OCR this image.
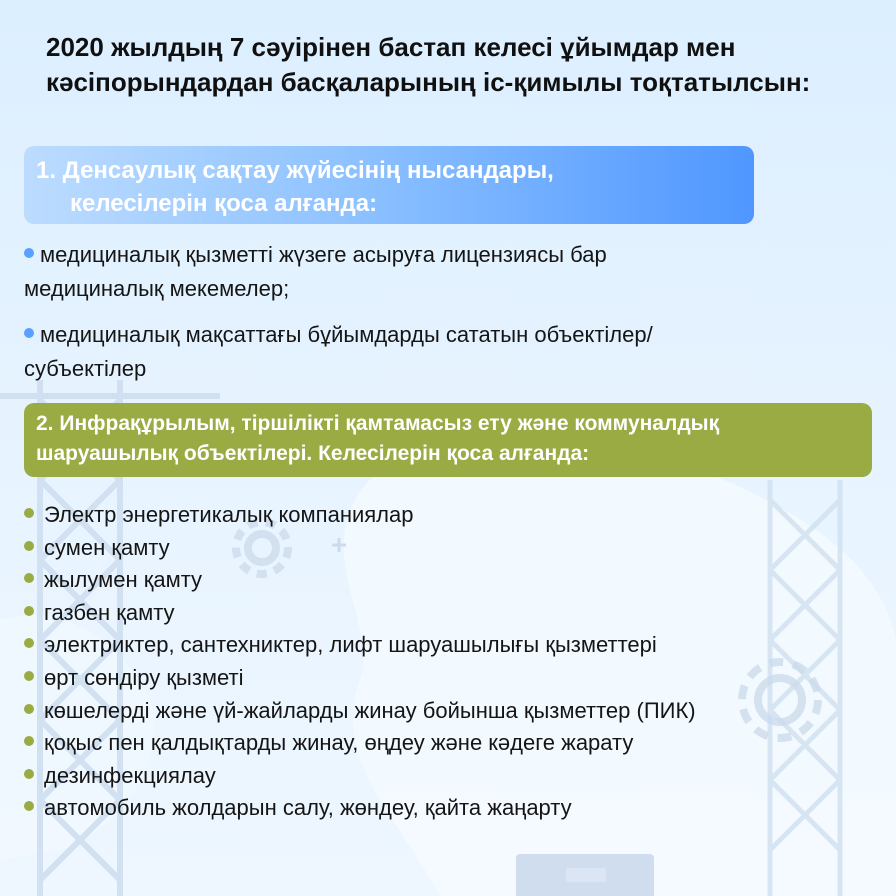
2020 жылдың 7 сәуірінен бастап келесі ұйымдар мен кәсіпорындардан басқаларының іс-қимылы тоқтатылсын:
1. Денсаулық сақтау жүйесінің нысандары,
келесілерін қоса алғанда:
медициналық қызметті жүзеге асыруға лицензиясы бар медициналық мекемелер;
медициналық мақсаттағы бұйымдарды сататын объектілер/субъектілер
2. Инфрақұрылым, тіршілікті қамтамасыз ету және коммуналдық шаруашылық объектілері. Келесілерін қоса алғанда:
Электр энергетикалық компаниялар
сумен қамту
жылумен қамту
газбен қамту
электриктер, сантехниктер, лифт шаруашылығы қызметтері
өрт сөндіру қызметі
көшелерді және үй-жайларды жинау бойынша қызметтер (ПИК)
қоқыс пен қалдықтарды жинау, өңдеу және кәдеге жарату
дезинфекциялау
автомобиль жолдарын салу, жөндеу, қайта жаңарту
